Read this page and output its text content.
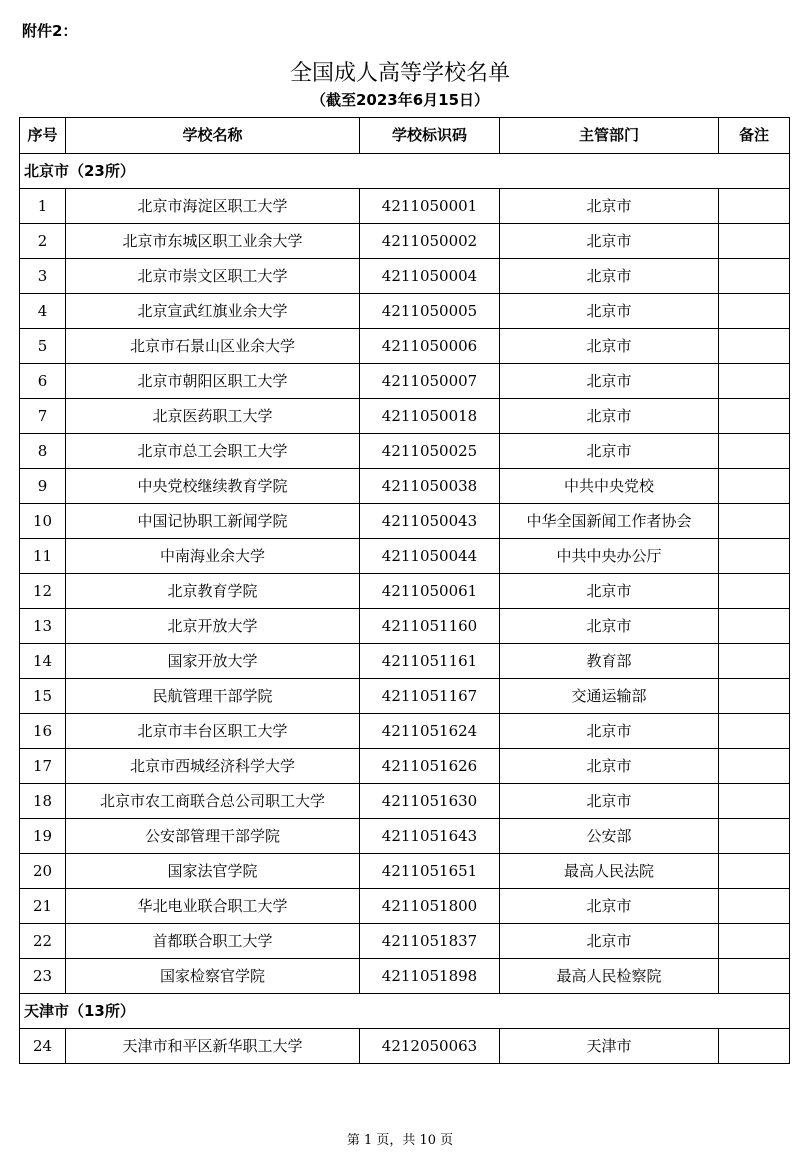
附件2：
全国成人高等学校名单
（截至2023年6月15日）
序号	学校名称	学校标识码	主管部门	备注
北京市（23所）				
1	北京市海淀区职工大学	4211050001	北京市	
2	北京市东城区职工业余大学	4211050002	北京市	
3	北京市崇文区职工大学	4211050004	北京市	
4	北京宣武红旗业余大学	4211050005	北京市	
5	北京市石景山区业余大学	4211050006	北京市	
6	北京市朝阳区职工大学	4211050007	北京市	
7	北京医药职工大学	4211050018	北京市	
8	北京市总工会职工大学	4211050025	北京市	
9	中央党校继续教育学院	4211050038	中共中央党校	
10	中国记协职工新闻学院	4211050043	中华全国新闻工作者协会	
11	中南海业余大学	4211050044	中共中央办公厅	
12	北京教育学院	4211050061	北京市	
13	北京开放大学	4211051160	北京市	
14	国家开放大学	4211051161	教育部	
15	民航管理干部学院	4211051167	交通运输部	
16	北京市丰台区职工大学	4211051624	北京市	
17	北京市西城经济科学大学	4211051626	北京市	
18	北京市农工商联合总公司职工大学	4211051630	北京市	
19	公安部管理干部学院	4211051643	公安部	
20	国家法官学院	4211051651	最高人民法院	
21	华北电业联合职工大学	4211051800	北京市	
22	首都联合职工大学	4211051837	北京市	
23	国家检察官学院	4211051898	最高人民检察院	
天津市（13所）				
24	天津市和平区新华职工大学	4212050063	天津市	

第 1 页，共 10 页
